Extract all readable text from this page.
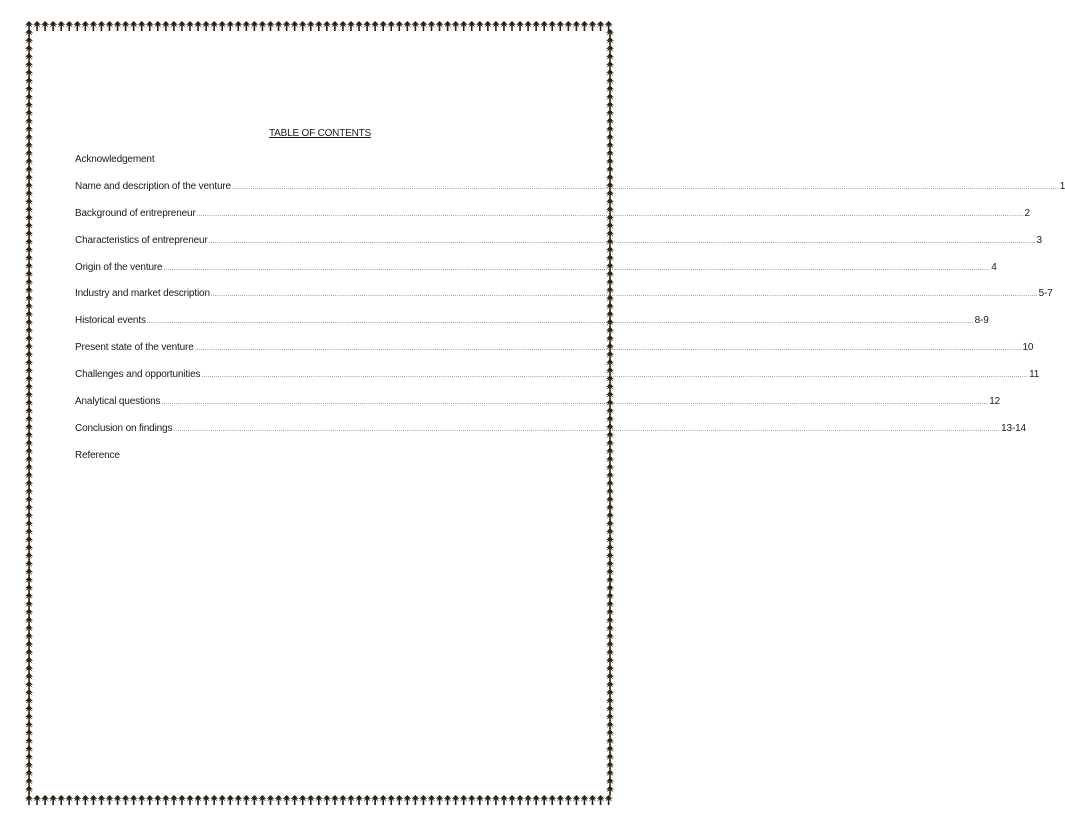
TABLE OF CONTENTS
Acknowledgement
Name and description of the venture ................................................................................................................................................................................................................................................................................................................................................................................................................ 1
Background of entrepreneur ................................................................................................................................................................................................................................................................................................................................................................................................................ 2
Characteristics of entrepreneur ................................................................................................................................................................................................................................................................................................................................................................................................................ 3
Origin of the venture ................................................................................................................................................................................................................................................................................................................................................................................................................ 4
Industry and market description ................................................................................................................................................................................................................................................................................................................................................................................................................ 5-7
Historical events ................................................................................................................................................................................................................................................................................................................................................................................................................ 8-9
Present state of the venture ................................................................................................................................................................................................................................................................................................................................................................................................................ 10
Challenges and opportunities ................................................................................................................................................................................................................................................................................................................................................................................................................ 11
Analytical questions ................................................................................................................................................................................................................................................................................................................................................................................................................ 12
Conclusion on findings ................................................................................................................................................................................................................................................................................................................................................................................................................ 13-14
Reference
